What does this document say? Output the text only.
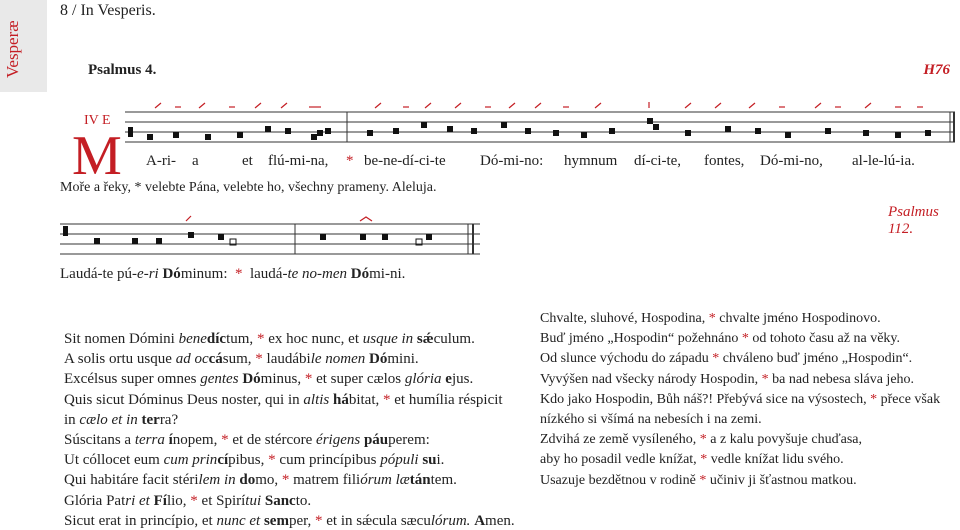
Vesperæ
8 / In Vesperis.
Psalmus 4.	H76
IV E
M A-ri- a	et flú-mi-na, * be-ne-dí-ci-te Dó-mi-no: hymnum dí-ci-te, fontes, Dó-mi-no, al-le-lú-ia.
Moře a řeky, * velebte Pána, velebte ho, všechny prameny. Aleluja.
Psalmus 112.
Laudá-te pú-e-ri Dóminum: * laudá-te no-men Dómi-ni.
Sit nomen Dómini benedíctum, * ex hoc nunc, et usque in sǽculum.
A solis ortu usque ad occásum, * laudábile nomen Dómini.
Excélsus super omnes gentes Dóminus, * et super cælos glória ejus.
Quis sicut Dóminus Deus noster, qui in altis hábitat, * et humília réspicit
in cælo et in terra?
Súscitans a terra ínopem, * et de stércore érigens páuperem:
Ut cóllocet eum cum princípibus, * cum princípibus pópuli sui.
Qui habitáre facit stérilem in domo, * matrem filiórum lætántem.
Glória Patri et Fílio, * et Spirítui Sancto.
Sicut erat in princípio, et nunc et semper, * et in sǽcula sæculórum. Amen.
Chvalte, sluhové, Hospodina, * chvalte jméno Hospodinovo.
Buď jméno „Hospodin“ požehnáno * od tohoto času až na věky.
Od slunce východu do západu * chváleno buď jméno „Hospodin“.
Vyvýšen nad všecky národy Hospodin, * ba nad nebesa sláva jeho.
Kdo jako Hospodin, Bůh náš?! Přebývá sice na výsostech, * přece však
nízkého si všímá na nebesích i na zemi.
Zdvihá ze země vysíleného, * a z kalu povyšuje chuďasa,
aby ho posadil vedle knížat, * vedle knížat lidu svého.
Usazuje bezdětnou v rodině * učiniv ji šťastnou matkou.
